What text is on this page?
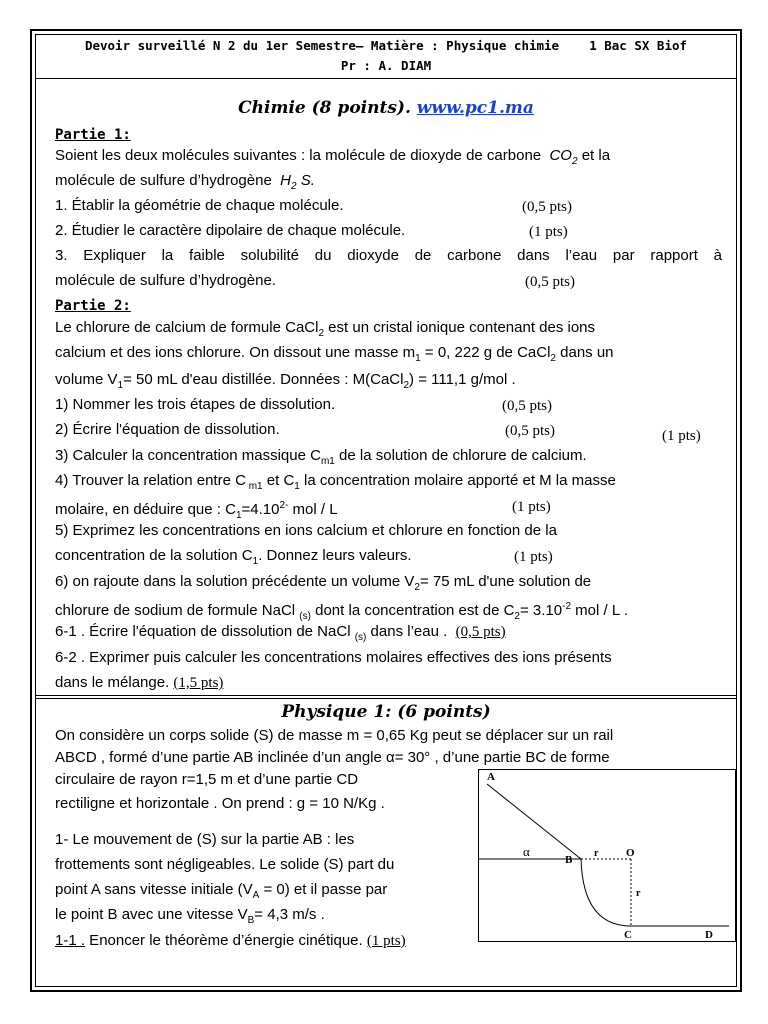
Devoir surveillé N 2 du 1er Semestre– Matière : Physique chimie 1 Bac SX Biof
Pr : A. DIAM
Chimie (8 points). www.pc1.ma
Partie 1:
Soient les deux molécules suivantes : la molécule de dioxyde de carbone $CO_2$ et la
molécule de sulfure d’hydrogène $H_2$ S.
1. Établir la géométrie de chaque molécule.	(0,5 pts)
2. Étudier le caractère dipolaire de chaque molécule.	(1 pts)
3. Expliquer la faible solubilité du dioxyde de carbone dans l’eau par rapport à
molécule de sulfure d’hydrogène.	(0,5 pts)
Partie 2:
Le chlorure de calcium de formule CaCl$_2$ est un cristal ionique contenant des ions
calcium et des ions chlorure. On dissout une masse $m_1 = 0$, 222 g de CaCl$_2$ dans un
volume $V_1= 50$ mL d'eau distillée. Données : M(CaCl$_2$) = 111,1 g/mol .
1) Nommer les trois étapes de dissolution.	(0,5 pts)
2) Écrire l'équation de dissolution.	(0,5 pts)	(1 pts)
3) Calculer la concentration massique $C_{m1}$ de la solution de chlorure de calcium.
4) Trouver la relation entre C $_{m1}$ et $C_1$ la concentration molaire apporté et M la masse
molaire, en déduire que : $C_1=4.10^{2-}$ mol / L	(1 pts)
5) Exprimez les concentrations en ions calcium et chlorure en fonction de la
concentration de la solution $C_1$. Donnez leurs valeurs.	(1 pts)
6) on rajoute dans la solution précédente un volume $V_2= 75$ mL d'une solution de
chlorure de sodium de formule NaCl $_{(s)}$ dont la concentration est de $C_2= 3.10^{-2}$ mol / L .
6-1 . Écrire l'équation de dissolution de NaCl $_{(s)}$ dans l’eau . (0,5 pts)
6-2 . Exprimer puis calculer les concentrations molaires effectives des ions présents
dans le mélange. (1,5 pts)
Physique 1: (6 points)
On considère un corps solide (S) de masse m = 0,65 Kg peut se déplacer sur un rail
ABCD , formé d’une partie AB inclinée d’un angle α= 30° , d’une partie BC de forme
circulaire de rayon r=1,5 m et d’une partie CD
rectiligne et horizontale . On prend : g = 10 N/Kg .
1- Le mouvement de (S) sur la partie AB : les
frottements sont négligeables. Le solide (S) part du
point A sans vitesse initiale $(V_A = 0)$ et il passe par
le point B avec une vitesse $V_B= 4,3$ m/s .
1-1 . Enoncer le théorème d’énergie cinétique. (1 pts)
A
B
O
C	D
α	r
r
